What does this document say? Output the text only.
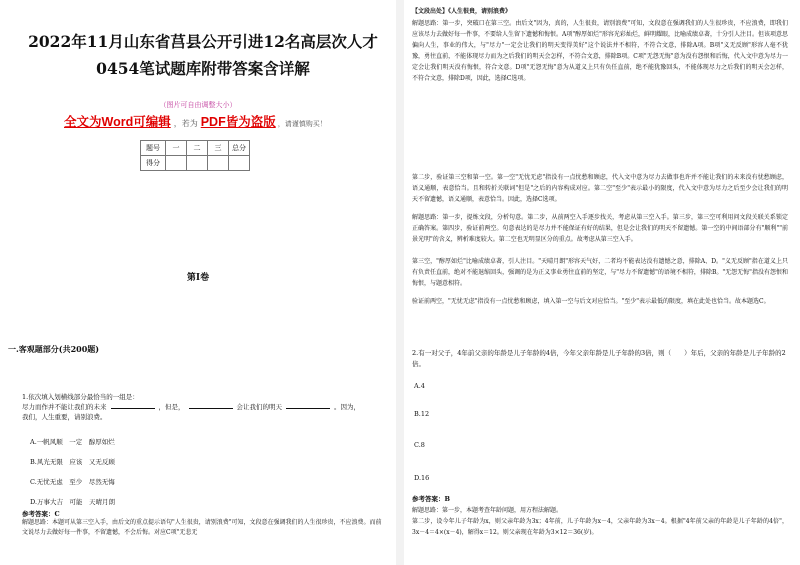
2022年11月山东省莒县公开引进12名高层次人才0454笔试题库附带答案含详解
（图片可自由调整大小）
全文为Word可编辑 ，若为 PDF皆为盗版 ，请谨慎购买！
题号	一	二	三	总分
得分				
第I卷
一.客观题部分(共200题)
1.依次填入划横线部分最恰当的一组是：
尽力而作并不能让我们的未来	，但是，	会让我们的明天	。因为，
我们，人生重要，请别浪费。
A.一帆风顺　一定　醇厚如烂
B.风光无限　应该　又无反顾
C.无忧无虑　至少　尽然无悔
D.万事大吉　可能　天晴月朗
参考答案：C
解题思路：本题可从第三空入手，由后文的重点提示语句"人生很贵，请别浪费"可知，文段意在强调我们的人生很珍贵，不应浪费。而前文说尽力去做好每一件事，不留遗憾，不会后悔。对应C项"无悲无
【文段出处】《人生很贵，请别浪费》
解题思路：第一步，突破口在第三空。由后文"因为，真的，人生很贵，请别浪费"可知，文段意在强调我们的人生很珍贵，不应浪费，即我们应该尽力去做好每一件事，不要给人生留下遗憾和悔恨。A项"醇厚如烂"形容光彩灿烂，鲜明耀眼，比喻成绩卓著，十分引人注目。但该项意思偏向人生，事业的伟大，与"尽力"一定会让我们的明天变得美好"这个说法并不相符，不符合文意，排除A项。B项"义无反顾"形容人毫不犹豫，勇往直前，不能体现尽力而为之后我们的明天会怎样，不符合文意，排除B项。C项"无怨无悔"意为没有怨恨和后悔，代入文中意为尽力一定会让我们明天没有悔恨，符合文意。D项"无怨无悔"意为从道义上只有负任直前，绝不能犹豫回头，不能体现尽力之后我们的明天会怎样，不符合文意，排除D项，因此，选择C选项。
第二步，验证第三空和第一空。第一空"无忧无虑"指没有一点忧愁和顾虑，代入文中意为尽力去做事也许并不能让我们的未来没有忧愁顾虑，语义通顺，表意恰当。且和转折关联词"但是"之后的内容构成对应。第二空"至少"表示最小的限度，代入文中意为尽力之后至少会让我们的明天不留遗憾，语义通顺，表意恰当。因此，选择C选项。
解题思路：第一步，提炼文段，分析句意。第二步，从前两空入手逐步找关，考虑从第三空入手。第三步，第三空可利用问文段关联关系锁定正确答案。第四步，验证前两空。句意表达的是尽力并不能保证有好的结果，但是会让我们的明天不留遗憾。第一空的中间语部分有"顺利""前景光明"的含义，辨析难度较大。第二空也无明显区分的重点。故考虑从第三空入手。
第三空，"醇厚如烂"比喻成绩卓著，引人注目。"天晴月朗"形容天气好，二者均不能表达没有遗憾之意，排除A、D。"义无反顾"指在道义上只有负责任直前，绝对不能退缩回头，强调的是为正义事业勇往直前的坚定，与"尽力不留遗憾"的语境不相符，排除B。"无怨无悔"指没有怨恨和悔恨，与题意相符。
验证前两空，"无忧无虑"指没有一点忧愁和顾虑，填入第一空与后文对应恰当。"至少"表示最低的限度，填在此处也恰当。故本题选C。
2.有一对父子，4年前父亲的年龄是儿子年龄的4倍，今年父亲年龄是儿子年龄的3倍，则（　　）年后，父亲的年龄是儿子年龄的2倍。
A.4
B.12
C.8
D.16
参考答案：B
解题思路：第一步，本题考查年龄问题，用方程法解题。
第二步，设今年儿子年龄为x，则父亲年龄为3x；4年前，儿子年龄为x－4，父亲年龄为3x－4。根据"4年前父亲的年龄是儿子年龄的4倍"，3x－4＝4×(x－4)，解得x＝12。则父亲现在年龄为3×12＝36(岁)。
